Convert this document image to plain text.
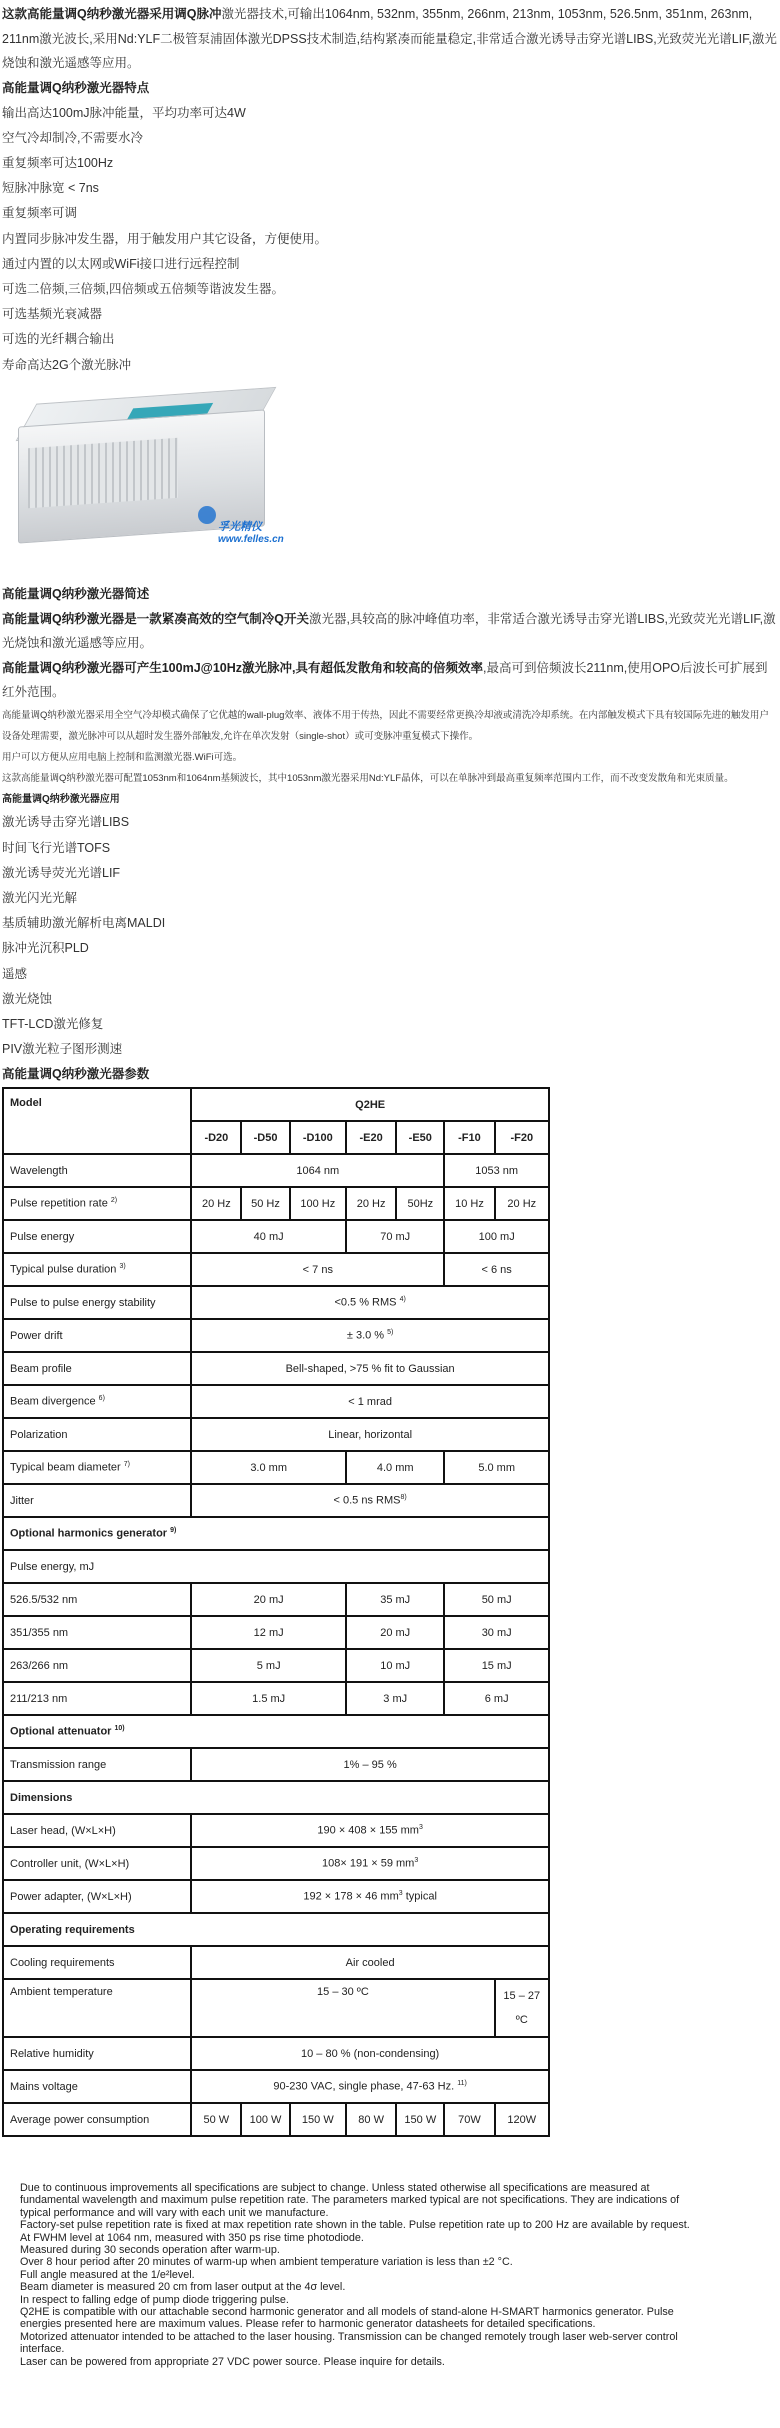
这款高能量调Q纳秒激光器采用调Q脉冲激光器技术,可输出1064nm, 532nm, 355nm, 266nm, 213nm, 1053nm, 526.5nm, 351nm, 263nm, 211nm激光波长,采用Nd:YLF二极管泵浦固体激光DPSS技术制造,结构紧凑而能量稳定,非常适合激光诱导击穿光谱LIBS,光致荧光光谱LIF,激光烧蚀和激光遥感等应用。

高能量调Q纳秒激光器特点
输出高达100mJ脉冲能量，平均功率可达4W
空气冷却制冷,不需要水冷
重复频率可达100Hz
短脉冲脉宽 < 7ns
重复频率可调
内置同步脉冲发生器，用于触发用户其它设备，方便使用。
通过内置的以太网或WiFi接口进行远程控制
可选二倍频,三倍频,四倍频或五倍频等谐波发生器。
可选基频光衰减器
可选的光纤耦合输出
寿命高达2G个激光脉冲
孚光精仪
www.felles.cn
高能量调Q纳秒激光器简述

高能量调Q纳秒激光器是一款紧凑高效的空气制冷Q开关激光器,具较高的脉冲峰值功率，非常适合激光诱导击穿光谱LIBS,光致荧光光谱LIF,激光烧蚀和激光遥感等应用。

高能量调Q纳秒激光器可产生100mJ@10Hz激光脉冲,具有超低发散角和较高的倍频效率,最高可到倍频波长211nm,使用OPO后波长可扩展到红外范围。

高能量调Q纳秒激光器采用全空气冷却模式确保了它优越的wall-plug效率、液体不用于传热，因此不需要经常更换冷却液或清洗冷却系统。在内部触发模式下具有较国际先进的触发用户设备处理需要，激光脉冲可以从超时发生器外部触发,允许在单次发射（single-shot）或可变脉冲重复模式下操作。

用户可以方便从应用电脑上控制和监测激光器.WiFi可选。

这款高能量调Q纳秒激光器可配置1053nm和1064nm基频波长，其中1053nm激光器采用Nd:YLF晶体，可以在单脉冲到最高重复频率范围内工作，而不改变发散角和光束质量。

高能量调Q纳秒激光器应用
激光诱导击穿光谱LIBS
时间飞行光谱TOFS
激光诱导荧光光谱LIF
激光闪光光解
基质辅助激光解析电离MALDI
脉冲光沉积PLD
遥感
激光烧蚀
TFT-LCD激光修复
PIV激光粒子图形测速
高能量调Q纳秒激光器参数
Model	Q2HE						
	-D20	-D50	-D100	-E20	-E50	-F10	-F20
Wavelength	1064 nm					1053 nm	
Pulse repetition rate $^{2)}$	20 Hz	50 Hz	100 Hz	20 Hz	50Hz	10 Hz	20 Hz
Pulse energy	40 mJ			70 mJ		100 mJ	
Typical pulse duration $^{3)}$	< 7 ns					< 6 ns	
Pulse to pulse energy stability	<0.5 % RMS $^{4)}$
Power drift	± 3.0 % $^{5)}$
Beam profile	Bell-shaped, >75 % fit to Gaussian						
Beam divergence $^{6)}$	< 1 mrad						
Polarization	Linear, horizontal						
Typical beam diameter $^{7)}$	3.0 mm			4.0 mm		5.0 mm	
Jitter	< 0.5 ns RMS$^{8)}$
Optional harmonics generator $^{9)}$
Pulse energy, mJ							
526.5/532 nm	20 mJ			35 mJ		50 mJ	
351/355 nm	12 mJ			20 mJ		30 mJ	
263/266 nm	5 mJ			10 mJ		15 mJ	
211/213 nm	1.5 mJ			3 mJ		6 mJ	
Optional attenuator $^{10)}$
Transmission range	1% – 95 %						
Dimensions							
Laser head, (W×L×H)	190 × 408 × 155 $mm^3$
Controller unit, (W×L×H)	108× 191 × 59 $mm^3$
Power adapter, (W×L×H)	192 × 178 × 46 $mm^3$ typical						
Operating requirements							
Cooling requirements	Air cooled						
Ambient temperature	15 – 30 ºC						15 – 27
ºC

Relative humidity	10 – 80 % (non-condensing)						
Mains voltage	90-230 VAC, single phase, 47-63 Hz. $^{11)}$
Average power consumption	50 W	100 W	150 W	80 W	150 W	70W	120W
Due to continuous improvements all specifications are subject to change. Unless stated otherwise all specifications are measured at
fundamental wavelength and maximum pulse repetition rate. The parameters marked typical are not specifications. They are indications of
typical performance and will vary with each unit we manufacture.
Factory-set pulse repetition rate is fixed at max repetition rate shown in the table. Pulse repetition rate up to 200 Hz are available by request.
At FWHM level at 1064 nm, measured with 350 ps rise time photodiode.
Measured during 30 seconds operation after warm-up.
Over 8 hour period after 20 minutes of warm-up when ambient temperature variation is less than ±2 °C.
Full angle measured at the 1/e²level.
Beam diameter is measured 20 cm from laser output at the 4σ level.
In respect to falling edge of pump diode triggering pulse.
Q2HE is compatible with our attachable second harmonic generator and all models of stand-alone H-SMART harmonics generator. Pulse
energies presented here are maximum values. Please refer to harmonic generator datasheets for detailed specifications.
Motorized attenuator intended to be attached to the laser housing. Transmission can be changed remotely trough laser web-server control
interface.
Laser can be powered from appropriate 27 VDC power source. Please inquire for details.
